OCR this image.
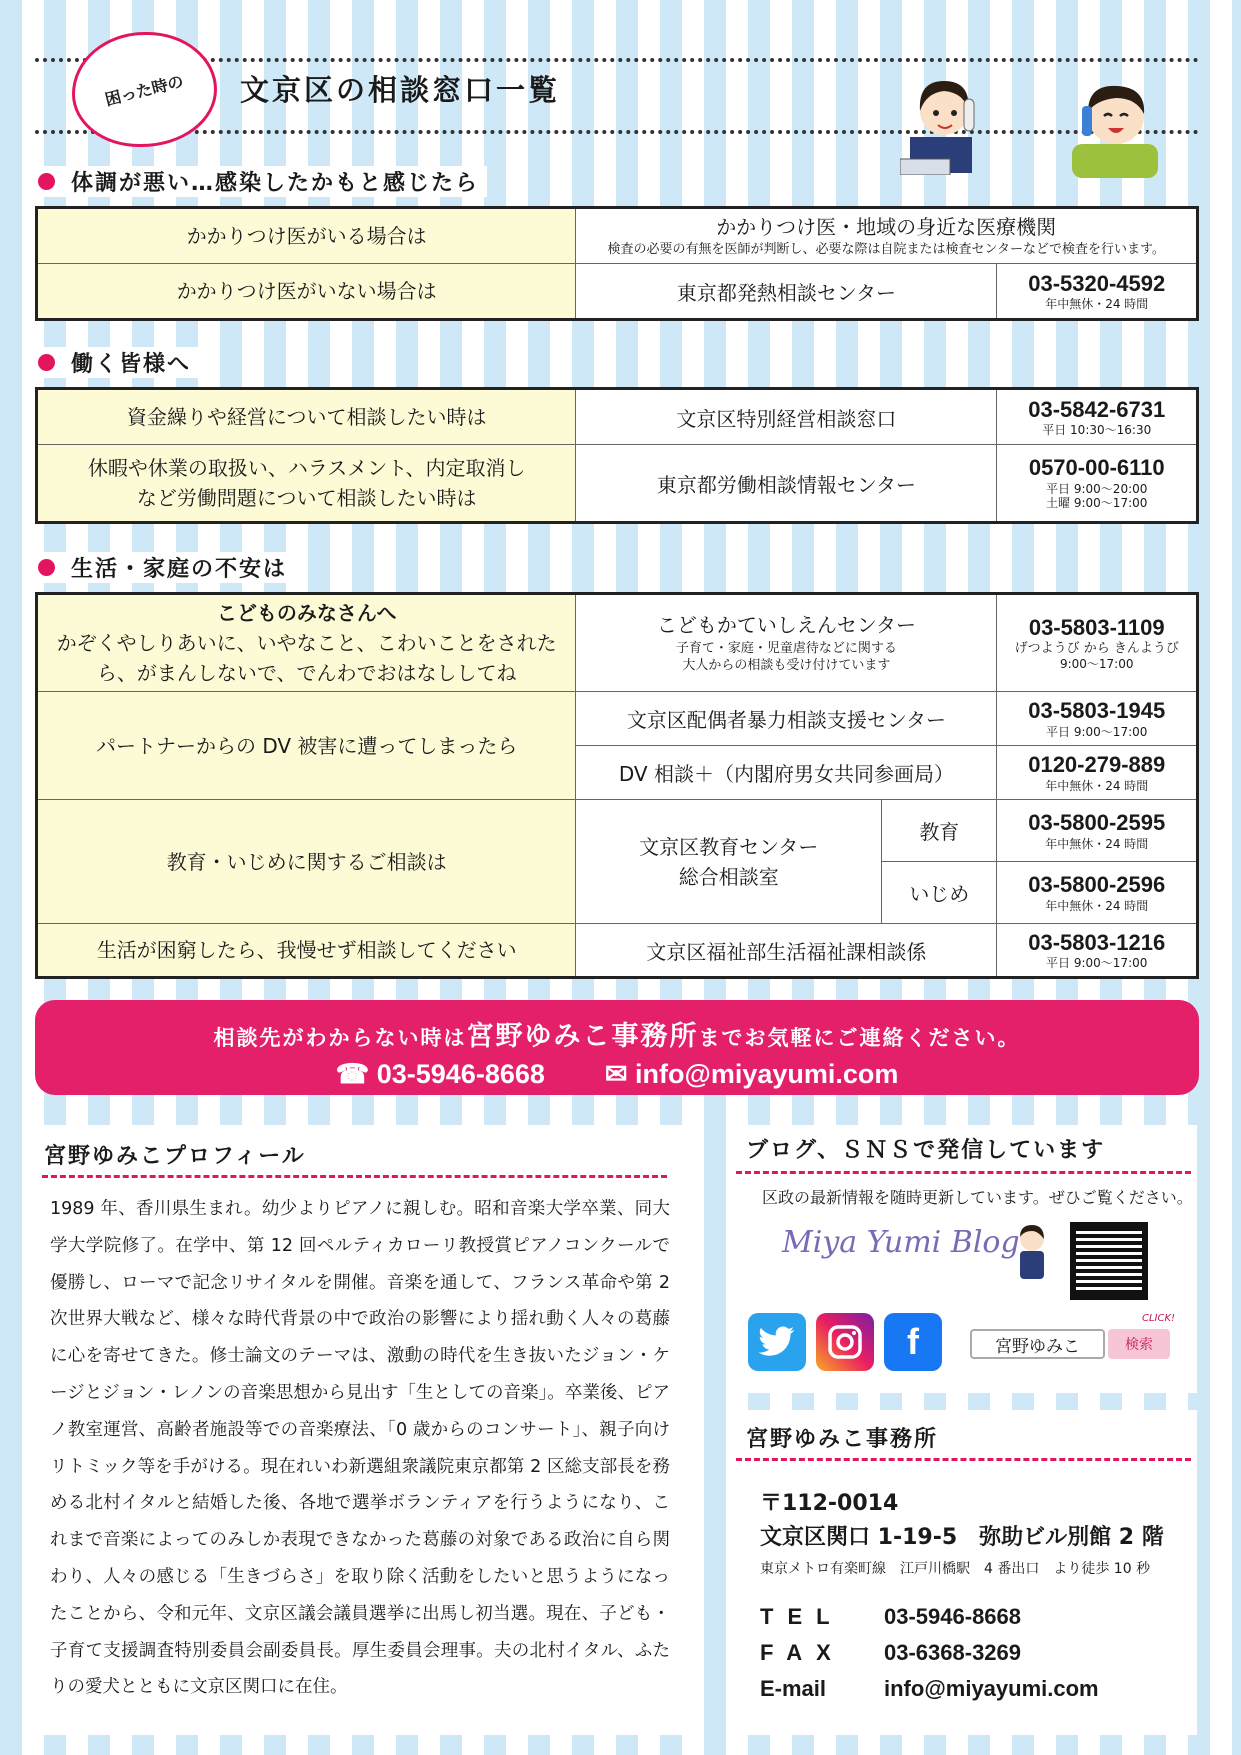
困った時の 文京区の相談窓口一覧
体調が悪い…感染したかもと感じたら
かかりつけ医がいる場合は	かかりつけ医・地域の身近な医療機関
検査の必要の有無を医師が判断し、必要な際は自院または検査センターなどで検査を行います。	

かかりつけ医がいない場合は	東京都発熱相談センター	03-5320-4592
年中無休・24 時間
働く皆様へ
資金繰りや経営について相談したい時は	文京区特別経営相談窓口	03-5842-6731
平日 10:30～16:30

休暇や休業の取扱い、ハラスメント、内定取消しなど労働問題について相談したい時は	東京都労働相談情報センター	0570-00-6110
平日 9:00～20:00
土曜 9:00～17:00
生活・家庭の不安は
こどものみなさんへ
かぞくやしりあいに、いやなこと、こわいことをされたら、がまんしないで、でんわでおはなししてね	こどもかていしえんセンター
子育て・家庭・児童虐待などに関する
大人からの相談も受け付けています		03-5803-1109
げつようび から きんようび
9:00～17:00

パートナーからの DV 被害に遭ってしまったら	文京区配偶者暴力相談支援センター		03-5803-1945
平日 9:00～17:00

	DV 相談＋（内閣府男女共同参画局）		0120-279-889
年中無休・24 時間

教育・いじめに関するご相談は	文京区教育センター
総合相談室	教育	03-5800-2595
年中無休・24 時間

		いじめ	03-5800-2596
年中無休・24 時間

生活が困窮したら、我慢せず相談してください	文京区福祉部生活福祉課相談係		03-5803-1216
平日 9:00～17:00
相談先がわからない時は宮野ゆみこ事務所までお気軽にご連絡ください。
☎ 03-5946-8668 ✉ info@miyayumi.com
宮野ゆみこプロフィール
1989 年、香川県生まれ。幼少よりピアノに親しむ。昭和音楽大学卒業、同大学大学院修了。在学中、第 12 回ペルティカローリ教授賞ピアノコンクールで優勝し、ローマで記念リサイタルを開催。音楽を通して、フランス革命や第 2 次世界大戦など、様々な時代背景の中で政治の影響により揺れ動く人々の葛藤に心を寄せてきた。修士論文のテーマは、激動の時代を生き抜いたジョン・ケージとジョン・レノンの音楽思想から見出す「生としての音楽」。卒業後、ピアノ教室運営、高齢者施設等での音楽療法、「0 歳からのコンサート」、親子向けリトミック等を手がける。現在れいわ新選組衆議院東京都第 2 区総支部長を務める北村イタルと結婚した後、各地で選挙ボランティアを行うようになり、これまで音楽によってのみしか表現できなかった葛藤の対象である政治に自ら関わり、人々の感じる「生きづらさ」を取り除く活動をしたいと思うようになったことから、令和元年、文京区議会議員選挙に出馬し初当選。現在、子ども・子育て支援調査特別委員会副委員長。厚生委員会理事。夫の北村イタル、ふたりの愛犬とともに文京区関口に在住。
ブログ、ＳＮＳで発信しています
区政の最新情報を随時更新しています。ぜひご覧ください。
Miya Yumi Blog
f	宮野ゆみこ	検索
CLICK!
宮野ゆみこ事務所
〒112-0014
文京区関口 1-19-5　弥助ビル別館 2 階
東京メトロ有楽町線　江戸川橋駅　4 番出口　より徒歩 10 秒
TEL 03-5946-8668
FAX 03-6368-3269
E-mail	info@miyayumi.com
